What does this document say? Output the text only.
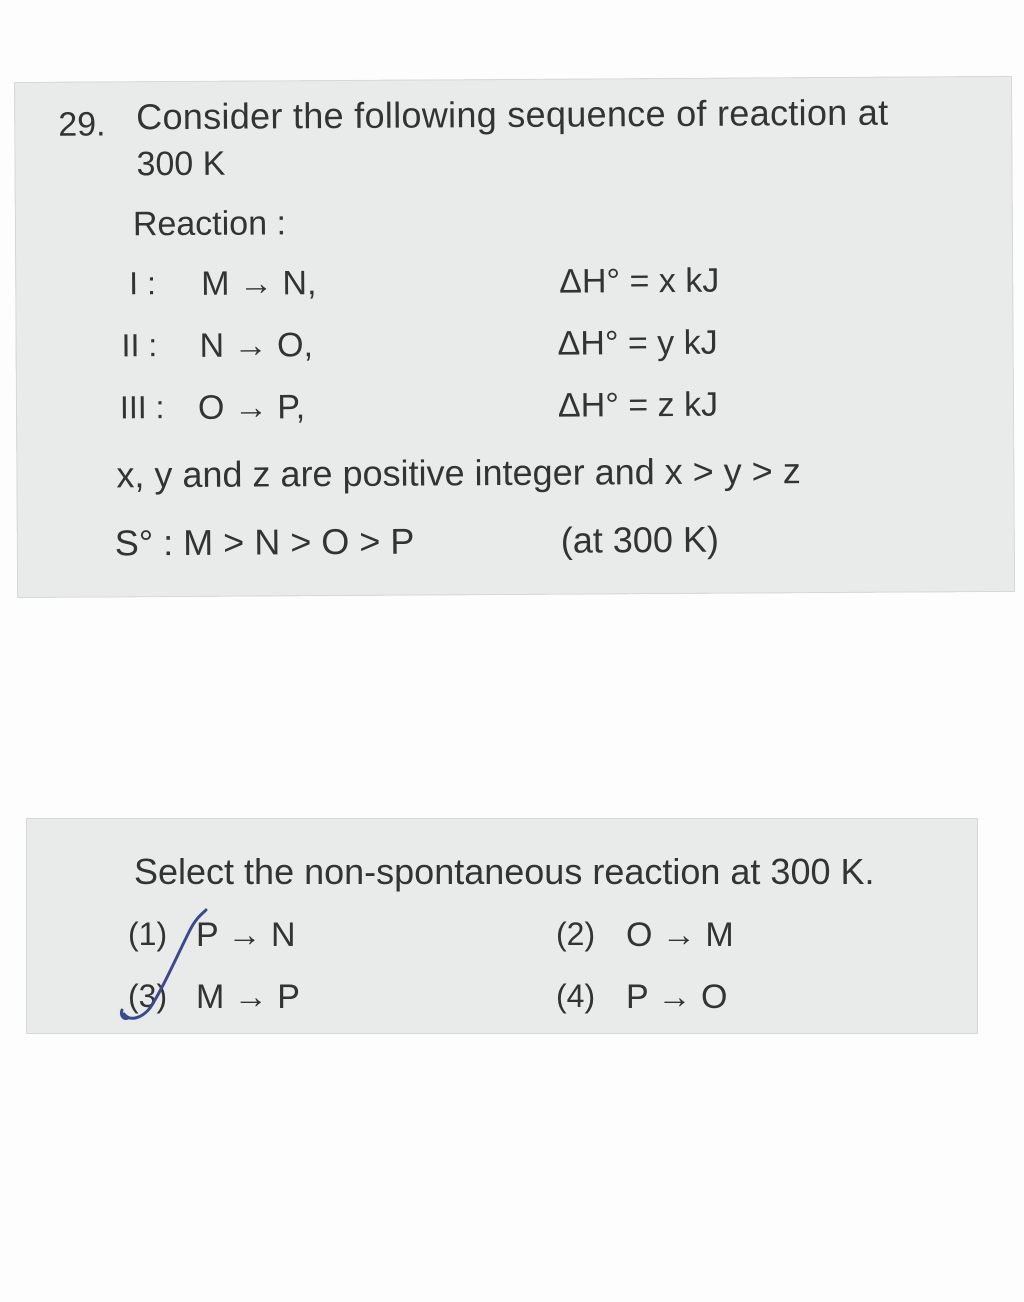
29. Consider the following sequence of reaction at
300 K
Reaction :
I : M → N,	ΔH° = x kJ
II : N → O,	ΔH° = y kJ
III : O → P,	ΔH° = z kJ
x, y and z are positive integer and x > y > z
S° : M > N > O > P	(at 300 K)
Select the non-spontaneous reaction at 300 K.
(1) P → N	(2) O → M
(3) M → P	(4) P → O
